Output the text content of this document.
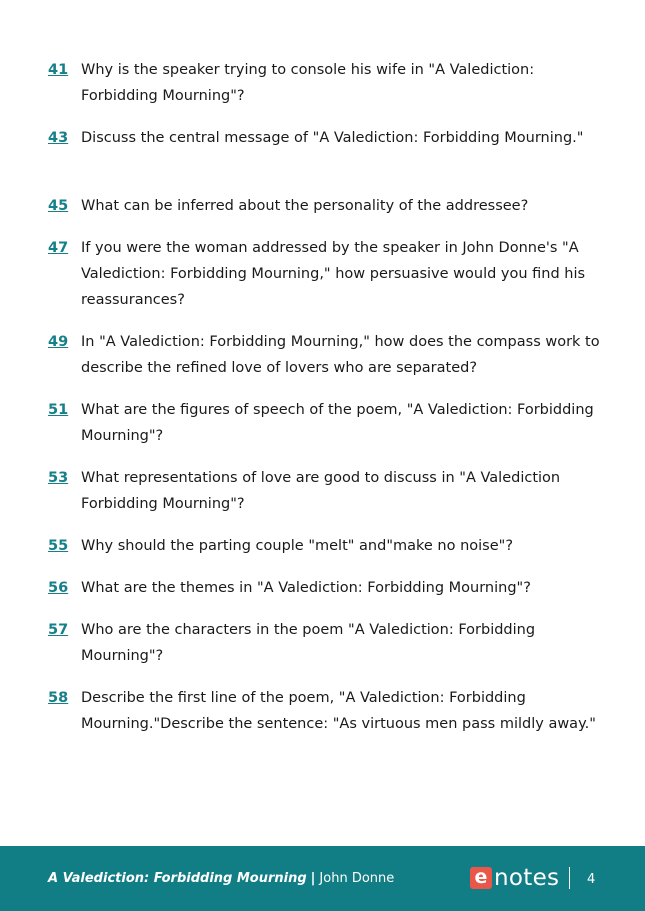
41 Why is the speaker trying to console his wife in "A Valediction: Forbidding Mourning"?
43 Discuss the central message of "A Valediction: Forbidding Mourning."
45 What can be inferred about the personality of the addressee?
47 If you were the woman addressed by the speaker in John Donne's "A Valediction: Forbidding Mourning," how persuasive would you find his reassurances?
49 In "A Valediction: Forbidding Mourning," how does the compass work to describe the refined love of lovers who are separated?
51 What are the figures of speech of the poem, "A Valediction: Forbidding Mourning"?
53 What representations of love are good to discuss in "A Valediction Forbidding Mourning"?
55 Why should the parting couple "melt" and"make no noise"?
56 What are the themes in "A Valediction: Forbidding Mourning"?
57 Who are the characters in the poem "A Valediction: Forbidding Mourning"?
58 Describe the first line of the poem, "A Valediction: Forbidding Mourning."Describe the sentence: "As virtuous men pass mildly away."
A Valediction: Forbidding Mourning | John Donne	e notes 4
